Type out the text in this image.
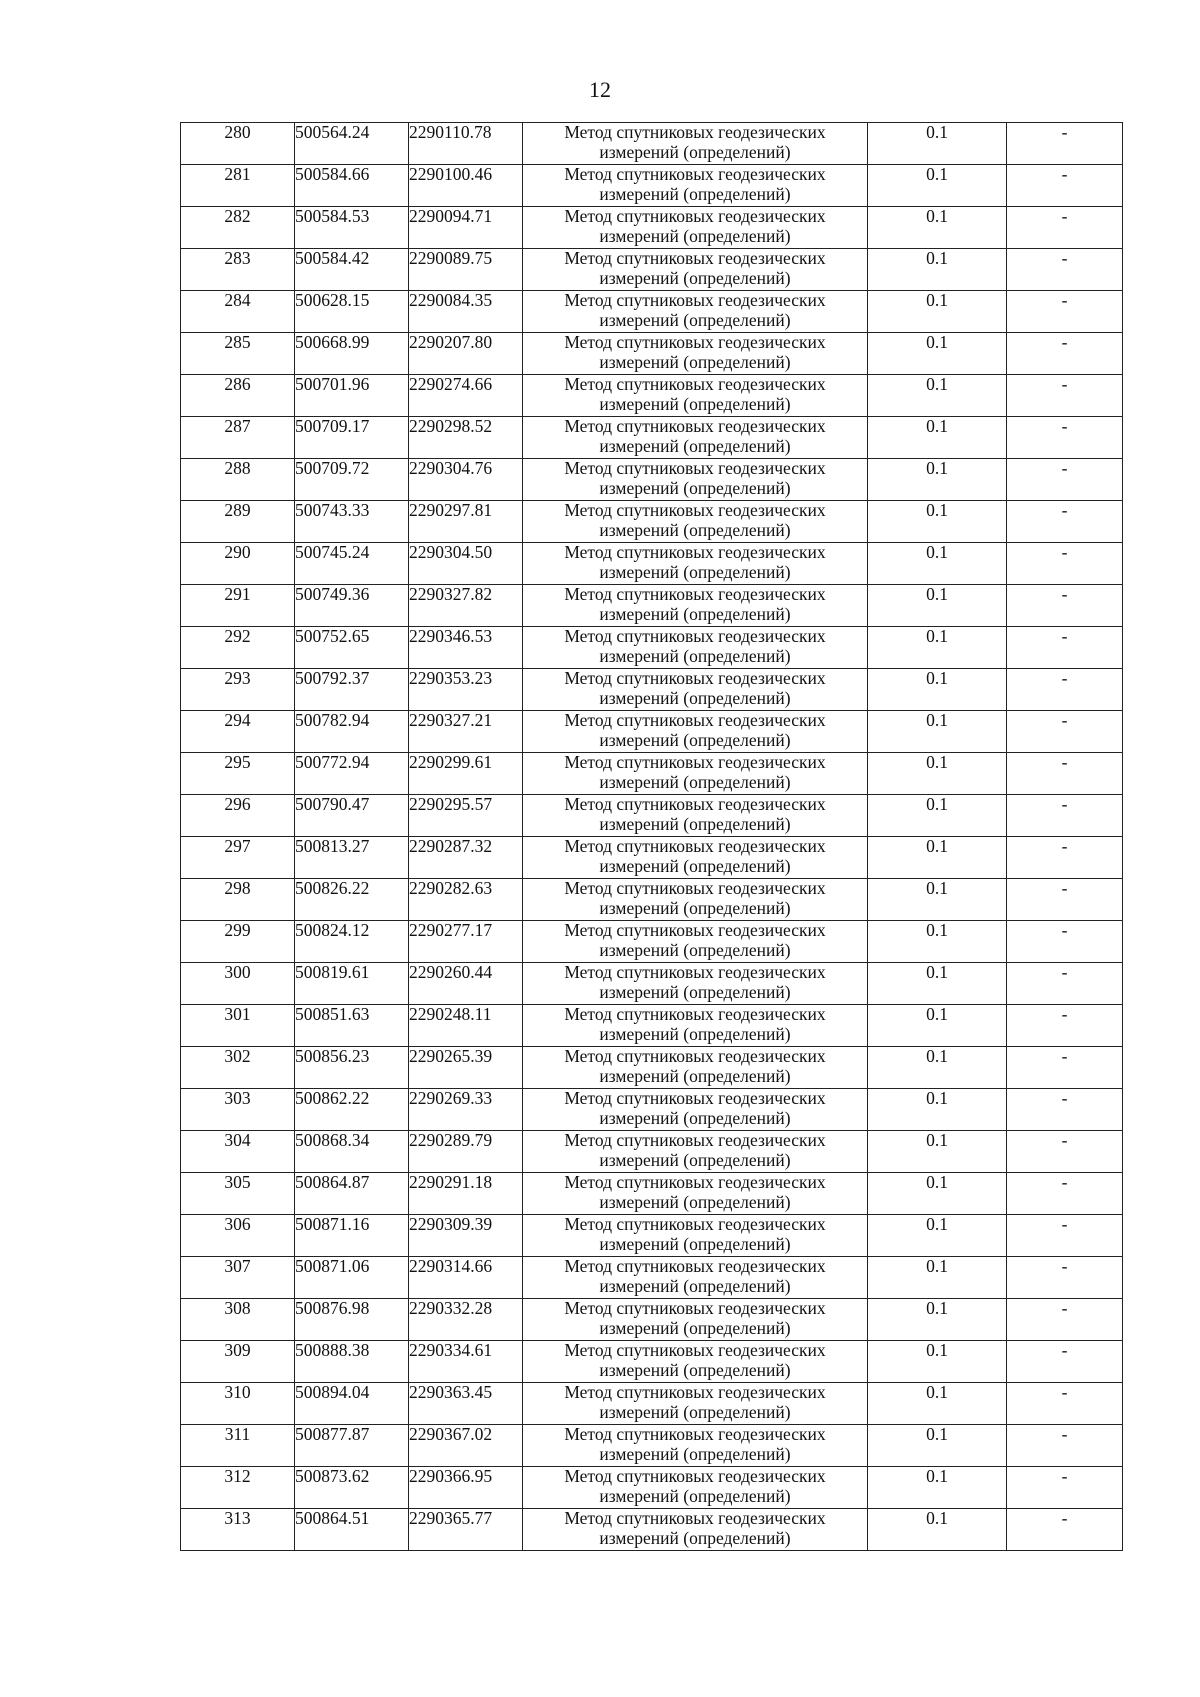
12
280	500564.24	2290110.78	Метод спутниковых геодезических
измерений (определений)	0.1	-
281	500584.66	2290100.46	Метод спутниковых геодезических
измерений (определений)	0.1	-
282	500584.53	2290094.71	Метод спутниковых геодезических
измерений (определений)	0.1	-
283	500584.42	2290089.75	Метод спутниковых геодезических
измерений (определений)	0.1	-
284	500628.15	2290084.35	Метод спутниковых геодезических
измерений (определений)	0.1	-
285	500668.99	2290207.80	Метод спутниковых геодезических
измерений (определений)	0.1	-
286	500701.96	2290274.66	Метод спутниковых геодезических
измерений (определений)	0.1	-
287	500709.17	2290298.52	Метод спутниковых геодезических
измерений (определений)	0.1	-
288	500709.72	2290304.76	Метод спутниковых геодезических
измерений (определений)	0.1	-
289	500743.33	2290297.81	Метод спутниковых геодезических
измерений (определений)	0.1	-
290	500745.24	2290304.50	Метод спутниковых геодезических
измерений (определений)	0.1	-
291	500749.36	2290327.82	Метод спутниковых геодезических
измерений (определений)	0.1	-
292	500752.65	2290346.53	Метод спутниковых геодезических
измерений (определений)	0.1	-
293	500792.37	2290353.23	Метод спутниковых геодезических
измерений (определений)	0.1	-
294	500782.94	2290327.21	Метод спутниковых геодезических
измерений (определений)	0.1	-
295	500772.94	2290299.61	Метод спутниковых геодезических
измерений (определений)	0.1	-
296	500790.47	2290295.57	Метод спутниковых геодезических
измерений (определений)	0.1	-
297	500813.27	2290287.32	Метод спутниковых геодезических
измерений (определений)	0.1	-
298	500826.22	2290282.63	Метод спутниковых геодезических
измерений (определений)	0.1	-
299	500824.12	2290277.17	Метод спутниковых геодезических
измерений (определений)	0.1	-
300	500819.61	2290260.44	Метод спутниковых геодезических
измерений (определений)	0.1	-
301	500851.63	2290248.11	Метод спутниковых геодезических
измерений (определений)	0.1	-
302	500856.23	2290265.39	Метод спутниковых геодезических
измерений (определений)	0.1	-
303	500862.22	2290269.33	Метод спутниковых геодезических
измерений (определений)	0.1	-
304	500868.34	2290289.79	Метод спутниковых геодезических
измерений (определений)	0.1	-
305	500864.87	2290291.18	Метод спутниковых геодезических
измерений (определений)	0.1	-
306	500871.16	2290309.39	Метод спутниковых геодезических
измерений (определений)	0.1	-
307	500871.06	2290314.66	Метод спутниковых геодезических
измерений (определений)	0.1	-
308	500876.98	2290332.28	Метод спутниковых геодезических
измерений (определений)	0.1	-
309	500888.38	2290334.61	Метод спутниковых геодезических
измерений (определений)	0.1	-
310	500894.04	2290363.45	Метод спутниковых геодезических
измерений (определений)	0.1	-
311	500877.87	2290367.02	Метод спутниковых геодезических
измерений (определений)	0.1	-
312	500873.62	2290366.95	Метод спутниковых геодезических
измерений (определений)	0.1	-
313	500864.51	2290365.77	Метод спутниковых геодезических
измерений (определений)	0.1	-
